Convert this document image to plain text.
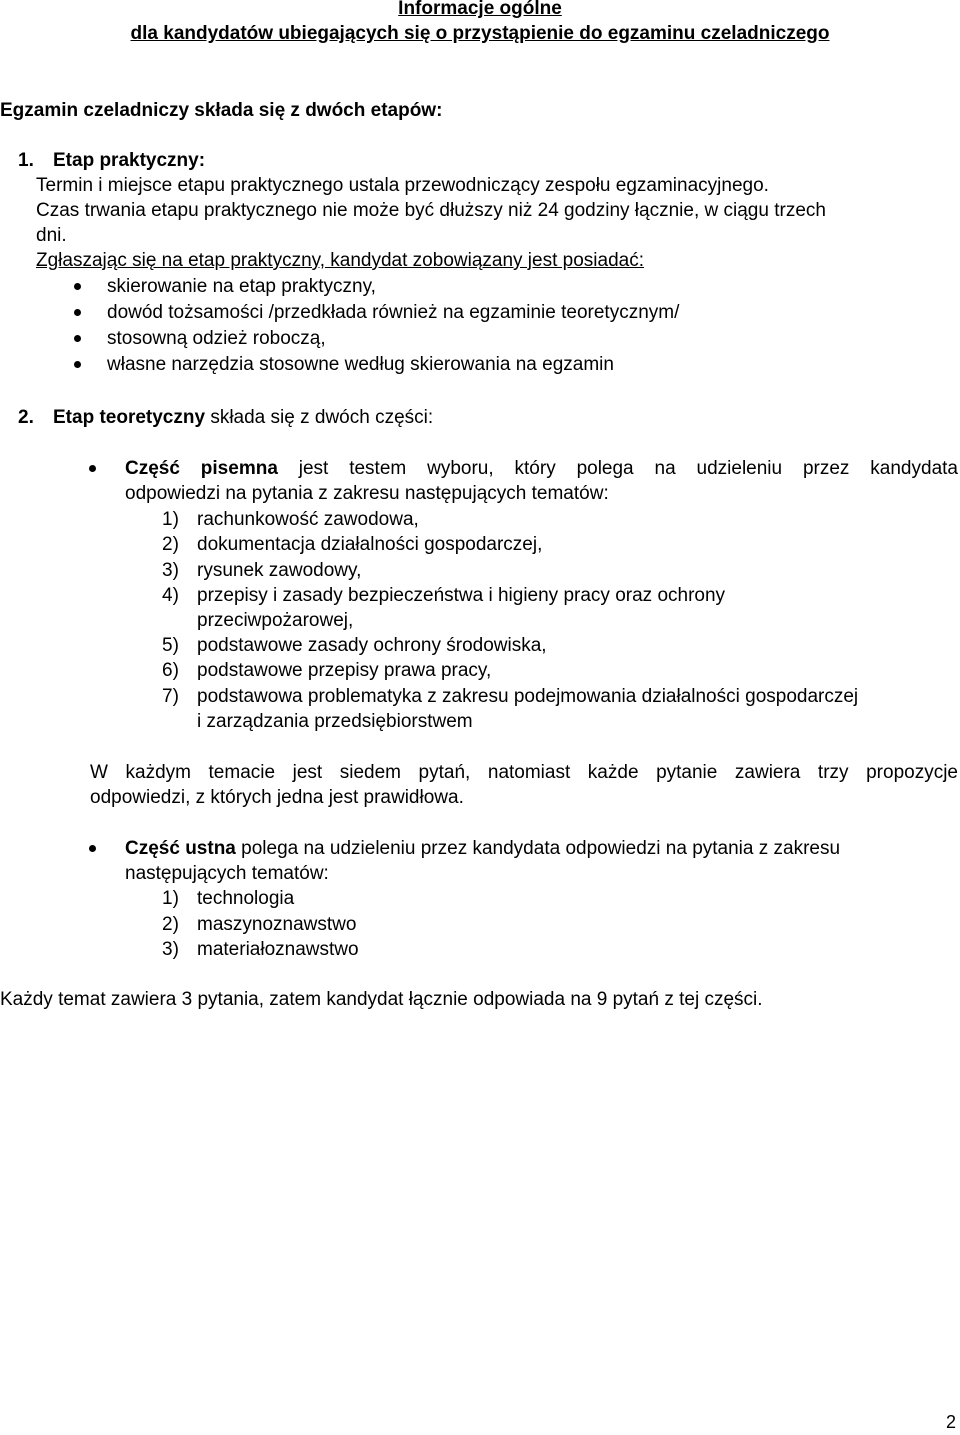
Informacje ogólne
dla kandydatów ubiegających się o przystąpienie do egzaminu czeladniczego
Egzamin czeladniczy składa się z dwóch etapów:
1. Etap praktyczny:
Termin i miejsce etapu praktycznego ustala przewodniczący zespołu egzaminacyjnego.
Czas trwania etapu praktycznego nie może być dłuższy niż 24 godziny łącznie, w ciągu trzech
dni.
Zgłaszając się na etap praktyczny, kandydat zobowiązany jest posiadać:
skierowanie na etap praktyczny,
dowód tożsamości /przedkłada również na egzaminie teoretycznym/
stosowną odzież roboczą,
własne narzędzia stosowne według skierowania na egzamin
2. Etap teoretyczny składa się z dwóch części:
Część pisemna jest testem wyboru, który polega na udzieleniu przez kandydata
odpowiedzi na pytania z zakresu następujących tematów:
1) rachunkowość zawodowa,
2) dokumentacja działalności gospodarczej,
3) rysunek zawodowy,
4) przepisy i zasady bezpieczeństwa i higieny pracy oraz ochrony
przeciwpożarowej,
5) podstawowe zasady ochrony środowiska,
6) podstawowe przepisy prawa pracy,
7) podstawowa problematyka z zakresu podejmowania działalności gospodarczej
i zarządzania przedsiębiorstwem
W każdym temacie jest siedem pytań, natomiast każde pytanie zawiera trzy propozycje
odpowiedzi, z których jedna jest prawidłowa.
Część ustna polega na udzieleniu przez kandydata odpowiedzi na pytania z zakresu
następujących tematów:
1) technologia
2) maszynoznawstwo
3) materiałoznawstwo
Każdy temat zawiera 3 pytania, zatem kandydat łącznie odpowiada na 9 pytań z tej części.
2
